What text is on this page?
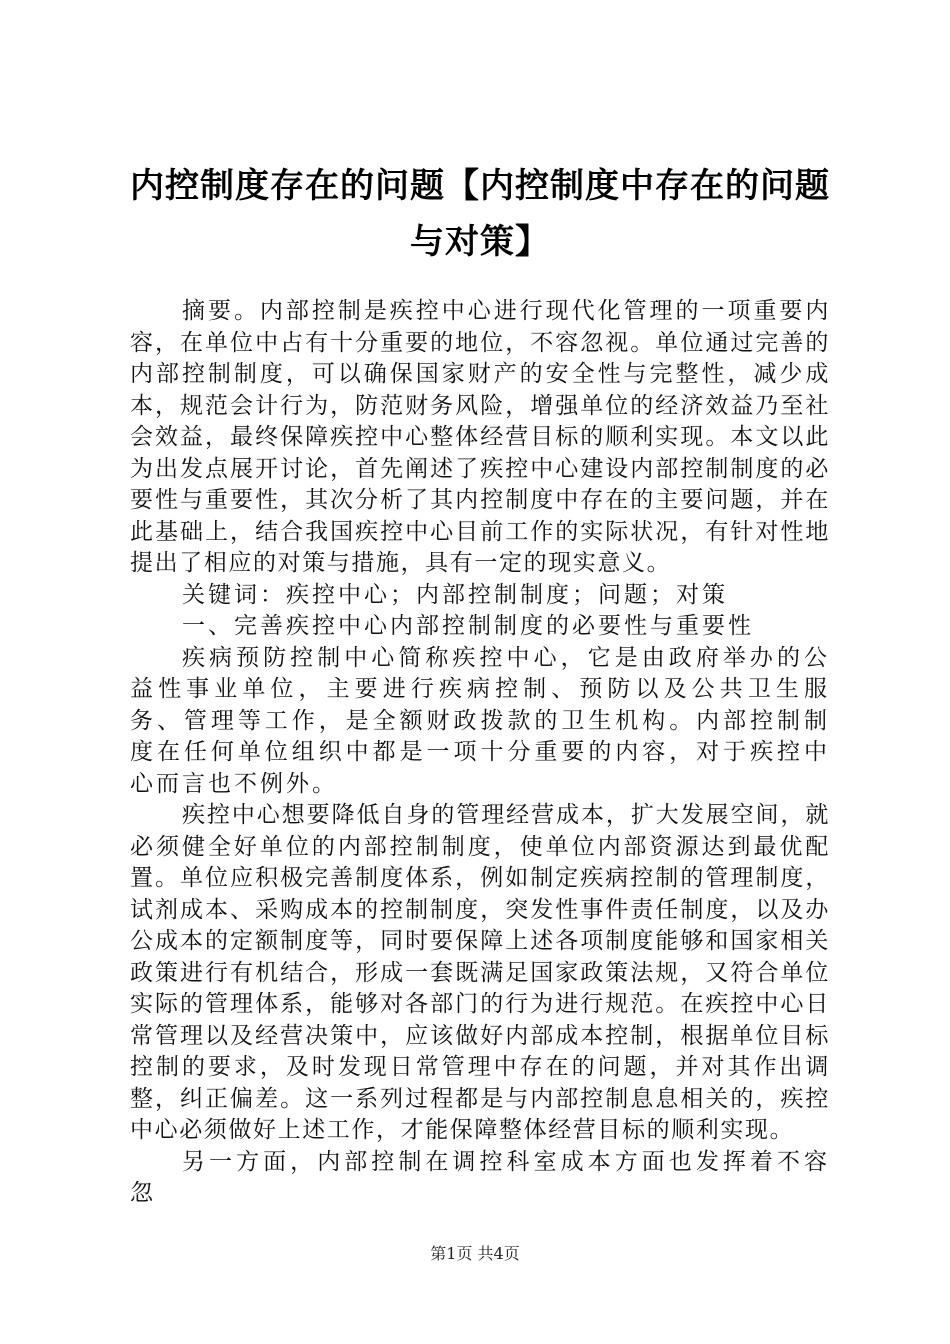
内控制度存在的问题【内控制度中存在的问题与对策】

摘要。内部控制是疾控中心进行现代化管理的一项重要内容，在单位中占有十分重要的地位，不容忽视。单位通过完善的内部控制制度，可以确保国家财产的安全性与完整性，减少成本，规范会计行为，防范财务风险，增强单位的经济效益乃至社会效益，最终保障疾控中心整体经营目标的顺利实现。本文以此为出发点展开讨论，首先阐述了疾控中心建设内部控制制度的必要性与重要性，其次分析了其内控制度中存在的主要问题，并在此基础上，结合我国疾控中心目前工作的实际状况，有针对性地提出了相应的对策与措施，具有一定的现实意义。

关键词：疾控中心；内部控制制度；问题；对策

一、完善疾控中心内部控制制度的必要性与重要性

疾病预防控制中心简称疾控中心，它是由政府举办的公益性事业单位，主要进行疾病控制、预防以及公共卫生服务、管理等工作，是全额财政拨款的卫生机构。内部控制制度在任何单位组织中都是一项十分重要的内容，对于疾控中心而言也不例外。

疾控中心想要降低自身的管理经营成本，扩大发展空间，就必须健全好单位的内部控制制度，使单位内部资源达到最优配置。单位应积极完善制度体系，例如制定疾病控制的管理制度，试剂成本、采购成本的控制制度，突发性事件责任制度，以及办公成本的定额制度等，同时要保障上述各项制度能够和国家相关政策进行有机结合，形成一套既满足国家政策法规，又符合单位实际的管理体系，能够对各部门的行为进行规范。在疾控中心日常管理以及经营决策中，应该做好内部成本控制，根据单位目标控制的要求，及时发现日常管理中存在的问题，并对其作出调整，纠正偏差。这一系列过程都是与内部控制息息相关的，疾控中心必须做好上述工作，才能保障整体经营目标的顺利实现。

另一方面，内部控制在调控科室成本方面也发挥着不容忽

第1页 共4页
